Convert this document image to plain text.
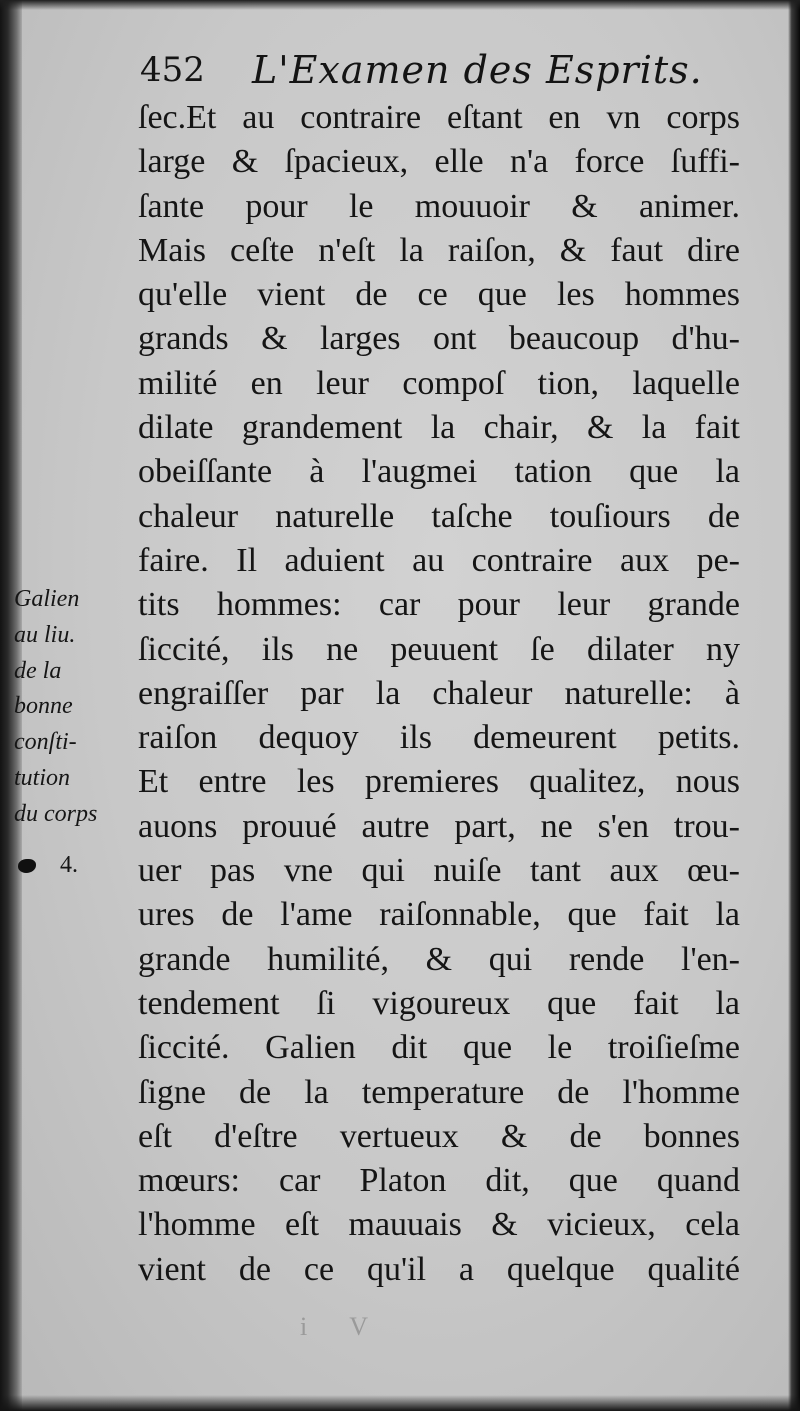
452 L'Examen des Esprits.
Galien
au liu.
de la
bonne
conſti-
tution
du corps
4.
ſec.Et au contraire eſtant en vn corps
large & ſpacieux, elle n'a force ſuffi-
ſante pour le mouuoir & animer.
Mais ceſte n'eſt la raiſon, & faut dire
qu'elle vient de ce que les hommes
grands & larges ont beaucoup d'hu-
milité en leur compoſ tion, laquelle
dilate grandement la chair, & la fait
obeiſſante à l'augmei tation que la
chaleur naturelle taſche touſiours de
faire. Il aduient au contraire aux pe-
tits hommes: car pour leur grande
ſiccité, ils ne peuuent ſe dilater ny
engraiſſer par la chaleur naturelle: à
raiſon dequoy ils demeurent petits.
Et entre les premieres qualitez, nous
auons prouué autre part, ne s'en trou-
uer pas vne qui nuiſe tant aux œu-
ures de l'ame raiſonnable, que fait la
grande humilité, & qui rende l'en-
tendement ſi vigoureux que fait la
ſiccité. Galien dit que le troiſieſme
ſigne de la temperature de l'homme
eſt d'eſtre vertueux & de bonnes
mœurs: car Platon dit, que quand
l'homme eſt mauuais & vicieux, cela
vient de ce qu'il a quelque qualité
i V
